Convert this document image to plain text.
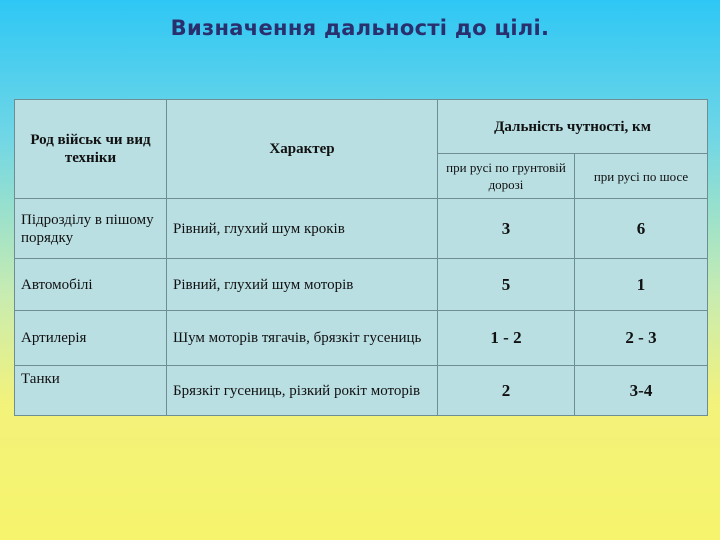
Визначення дальності до цілі.
Род військ чи вид техніки	Характер	Дальність чутності, км	
		при русі по грунтовій дорозі	при русі по шосе
Підрозділу в пішому порядку	Рівний, глухий шум кроків	3	6
Автомобілі	Рівний, глухий шум моторів	5	1
Артилерія	Шум моторів тягачів, брязкіт гусениць	1 - 2	2 - 3
Танки	Брязкіт гусениць, різкий рокіт моторів	2	3-4
